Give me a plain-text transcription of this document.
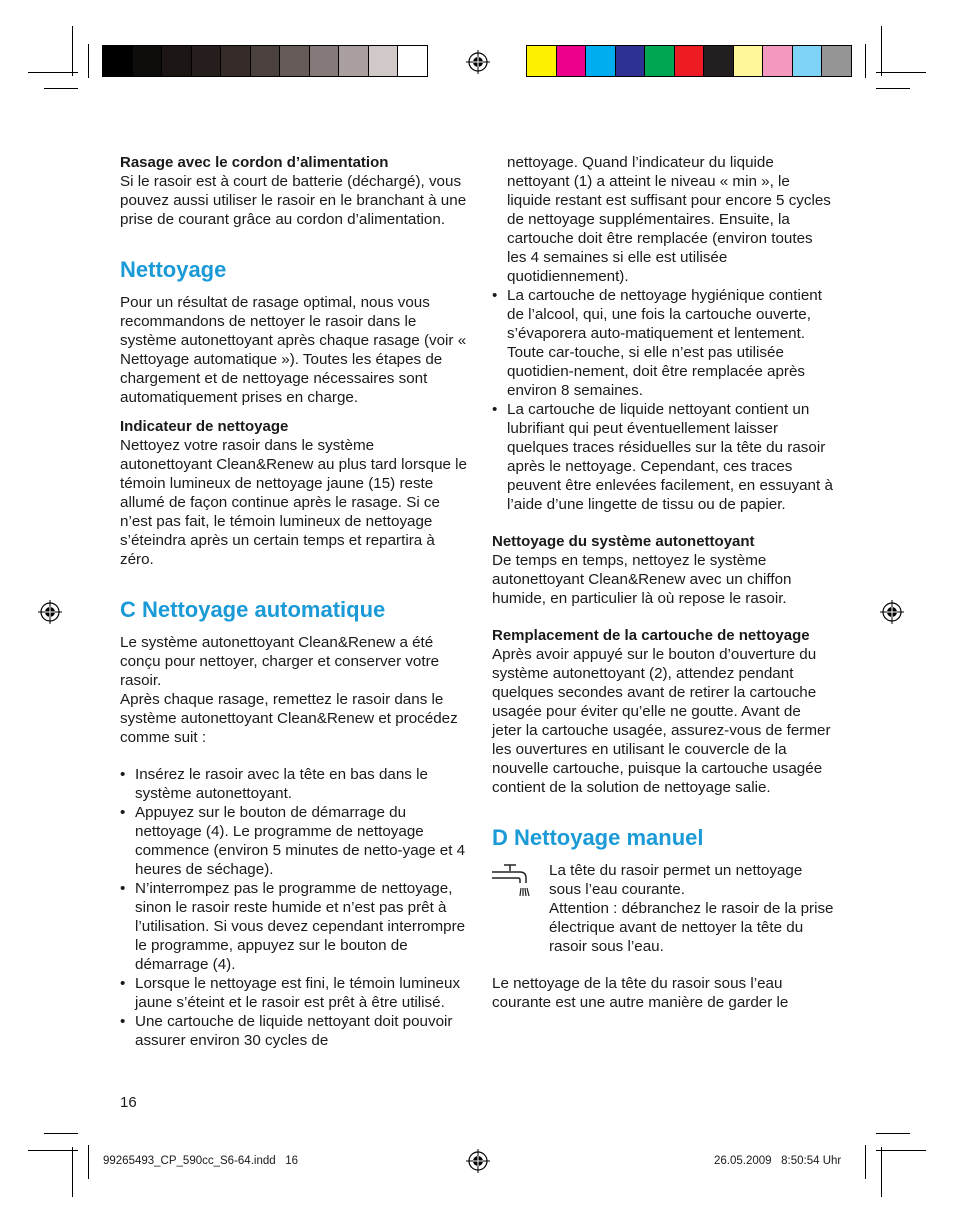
Rasage avec le cordon d’alimentation

Si le rasoir est à court de batterie (déchargé), vous pouvez aussi utiliser le rasoir en le branchant à une prise de courant grâce au cordon d’alimentation.

Nettoyage

Pour un résultat de rasage optimal, nous vous recommandons de nettoyer le rasoir dans le système autonettoyant après chaque rasage (voir « Nettoyage automatique »). Toutes les étapes de chargement et de nettoyage nécessaires sont automatiquement prises en charge.

Indicateur de nettoyage

Nettoyez votre rasoir dans le système autonettoyant Clean&Renew au plus tard lorsque le témoin lumineux de nettoyage jaune (15) reste allumé de façon continue après le rasage. Si ce n’est pas fait, le témoin lumineux de nettoyage s’éteindra après un certain temps et repartira à zéro.

C Nettoyage automatique

Le système autonettoyant Clean&Renew a été conçu pour nettoyer, charger et conserver votre rasoir.

Après chaque rasage, remettez le rasoir dans le système autonettoyant Clean&Renew et procédez comme suit :

• Insérez le rasoir avec la tête en bas dans le système autonettoyant.
• Appuyez sur le bouton de démarrage du nettoyage (4). Le programme de nettoyage commence (environ 5 minutes de netto-yage et 4 heures de séchage).
• N’interrompez pas le programme de nettoyage, sinon le rasoir reste humide et n’est pas prêt à l’utilisation. Si vous devez cependant interrompre le programme, appuyez sur le bouton de démarrage (4).
• Lorsque le nettoyage est fini, le témoin lumineux jaune s’éteint et le rasoir est prêt à être utilisé.
• Une cartouche de liquide nettoyant doit pouvoir assurer environ 30 cycles de

nettoyage. Quand l’indicateur du liquide nettoyant (1) a atteint le niveau « min », le liquide restant est suffisant pour encore 5 cycles de nettoyage supplémentaires. Ensuite, la cartouche doit être remplacée (environ toutes les 4 semaines si elle est utilisée quotidiennement).

• La cartouche de nettoyage hygiénique contient de l’alcool, qui, une fois la cartouche ouverte, s’évaporera auto-matiquement et lentement. Toute car-touche, si elle n’est pas utilisée quotidien-nement, doit être remplacée après environ 8 semaines.
• La cartouche de liquide nettoyant contient un lubrifiant qui peut éventuellement laisser quelques traces résiduelles sur la tête du rasoir après le nettoyage. Cependant, ces traces peuvent être enlevées facilement, en essuyant à l’aide d’une lingette de tissu ou de papier.

Nettoyage du système autonettoyant

De temps en temps, nettoyez le système autonettoyant Clean&Renew avec un chiffon humide, en particulier là où repose le rasoir.

Remplacement de la cartouche de nettoyage

Après avoir appuyé sur le bouton d’ouverture du système autonettoyant (2), attendez pendant quelques secondes avant de retirer la cartouche usagée pour éviter qu’elle ne goutte. Avant de jeter la cartouche usagée, assurez-vous de fermer les ouvertures en utilisant le couvercle de la nouvelle cartouche, puisque la cartouche usagée contient de la solution de nettoyage salie.

D Nettoyage manuel

La tête du rasoir permet un nettoyage sous l’eau courante.

Attention : débranchez le rasoir de la prise électrique avant de nettoyer la tête du rasoir sous l’eau.

Le nettoyage de la tête du rasoir sous l’eau courante est une autre manière de garder le

16
99265493_CP_590cc_S6-64.indd   16	26.05.2009   8:50:54 Uhr
